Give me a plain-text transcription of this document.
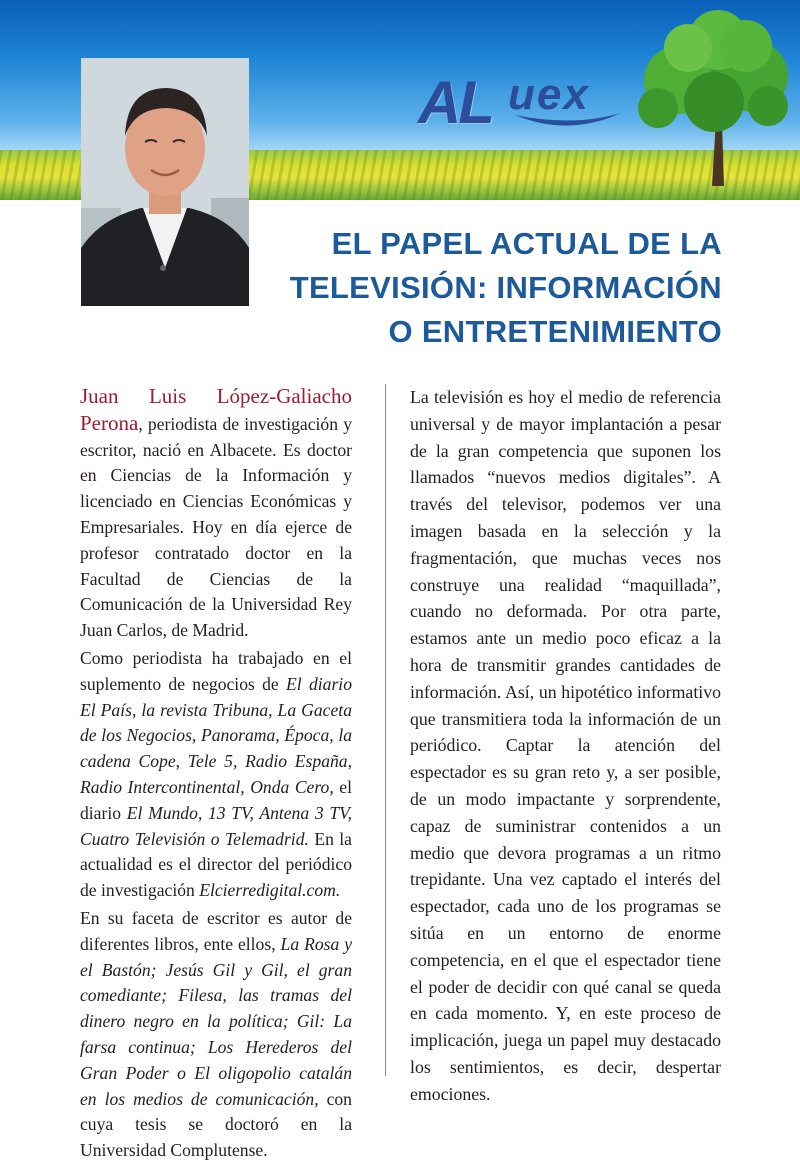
AL uex
EL PAPEL ACTUAL DE LA
TELEVISIÓN: INFORMACIÓN
O ENTRETENIMIENTO

Juan Luis López-Galiacho Perona, periodista de investigación y escritor, nació en Albacete. Es doctor en Ciencias de la Información y licenciado en Ciencias Económicas y Empresariales. Hoy en día ejerce de profesor contratado doctor en la Facultad de Ciencias de la Comunicación de la Universidad Rey Juan Carlos, de Madrid.

Como periodista ha trabajado en el suplemento de negocios de El diario El País, la revista Tribuna, La Gaceta de los Negocios, Panorama, Época, la cadena Cope, Tele 5, Radio España, Radio Intercontinental, Onda Cero, el diario El Mundo, 13 TV, Antena 3 TV, Cuatro Televisión o Telemadrid. En la actualidad es el director del periódico de investigación Elcierredigital.com.

En su faceta de escritor es autor de diferentes libros, ente ellos, La Rosa y el Bastón; Jesús Gil y Gil, el gran comediante; Filesa, las tramas del dinero negro en la política; Gil: La farsa continua; Los Herederos del Gran Poder o El oligopolio catalán en los medios de comunicación, con cuya tesis se doctoró en la Universidad Complutense.

La televisión es hoy el medio de referencia universal y de mayor implantación a pesar de la gran competencia que suponen los llamados “nuevos medios digitales”. A través del televisor, podemos ver una imagen basada en la selección y la fragmentación, que muchas veces nos construye una realidad “maquillada”, cuando no deformada. Por otra parte, estamos ante un medio poco eficaz a la hora de transmitir grandes cantidades de información. Así, un hipotético informativo que transmitiera toda la información de un periódico. Captar la atención del espectador es su gran reto y, a ser posible, de un modo impactante y sorprendente, capaz de suministrar contenidos a un medio que devora programas a un ritmo trepidante. Una vez captado el interés del espectador, cada uno de los programas se sitúa en un entorno de enorme competencia, en el que el espectador tiene el poder de decidir con qué canal se queda en cada momento. Y, en este proceso de implicación, juega un papel muy destacado los sentimientos, es decir, despertar emociones.
